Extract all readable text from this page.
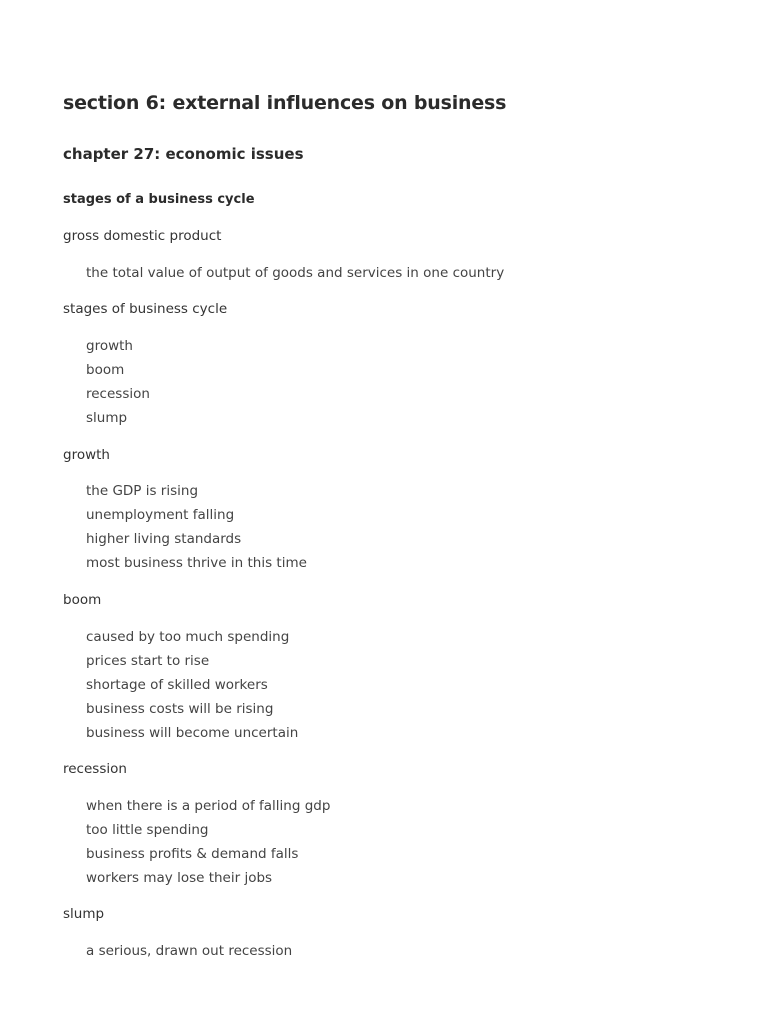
section 6: external influences on business
chapter 27: economic issues
stages of a business cycle
gross domestic product
the total value of output of goods and services in one country
stages of business cycle
growth
boom
recession
slump
growth
the GDP is rising
unemployment falling
higher living standards
most business thrive in this time
boom
caused by too much spending
prices start to rise
shortage of skilled workers
business costs will be rising
business will become uncertain
recession
when there is a period of falling gdp
too little spending
business profits & demand falls
workers may lose their jobs
slump
a serious, drawn out recession
